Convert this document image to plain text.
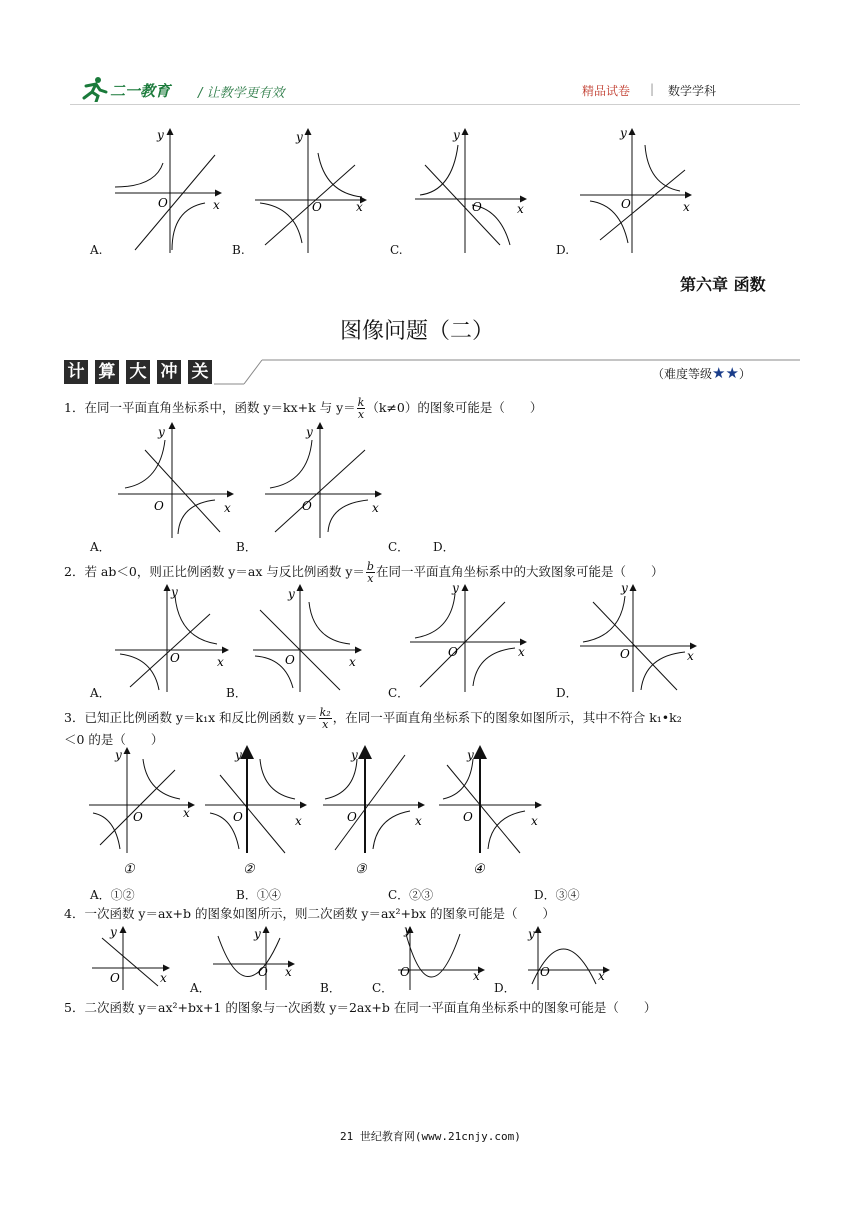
二一教育 / 让教学更有效	精品试卷 | 数学学科
O	x
y
O	x
y
O	x
y
O	x
y
A.	B.	C.	D.
第六章 函数
图像问题（二）
计 算 大 冲 关	（难度等级★★）
1．在同一平面直角坐标系中，函数 y＝kx+k 与 $y= \frac{k}{x} (k\ne 0)$的图象可能是（　　）
O	x
y
O	x
y
A．	B．	C． D．
2．若 ab＜0，则正比例函数 y＝ax 与反比例函数 $y= \frac{b}{x}$ 在同一平面直角坐标系中的大致图象可能是（　　）
O	x
y
O	x
y
O	x
y
O	x
y
A．	B．	C．	D．
3．已知正比例函数 y＝k₁x 和反比例函数 $y= \frac{\text{k₂}}{x}$ ，在同一平面直角坐标系下的图象如图所示，其中不符合 k₁•k₂
＜0 的是（　　）
O	x
y
①
O	x
y
②
O	x
y
③
O	x
y
④
A．①②	B．①④	C．②③	D．③④
4．一次函数 y＝ax+b 的图象如图所示，则二次函数 y＝ax²+bx 的图象可能是（　　）
O	x
y
O x
y
O	x
y
O	x
y
A．	B．	C．	D．
5．二次函数 y＝ax²+bx+1 的图象与一次函数 y＝2ax+b 在同一平面直角坐标系中的图象可能是（　　）
21 世纪教育网(www.21cnjy.com)
